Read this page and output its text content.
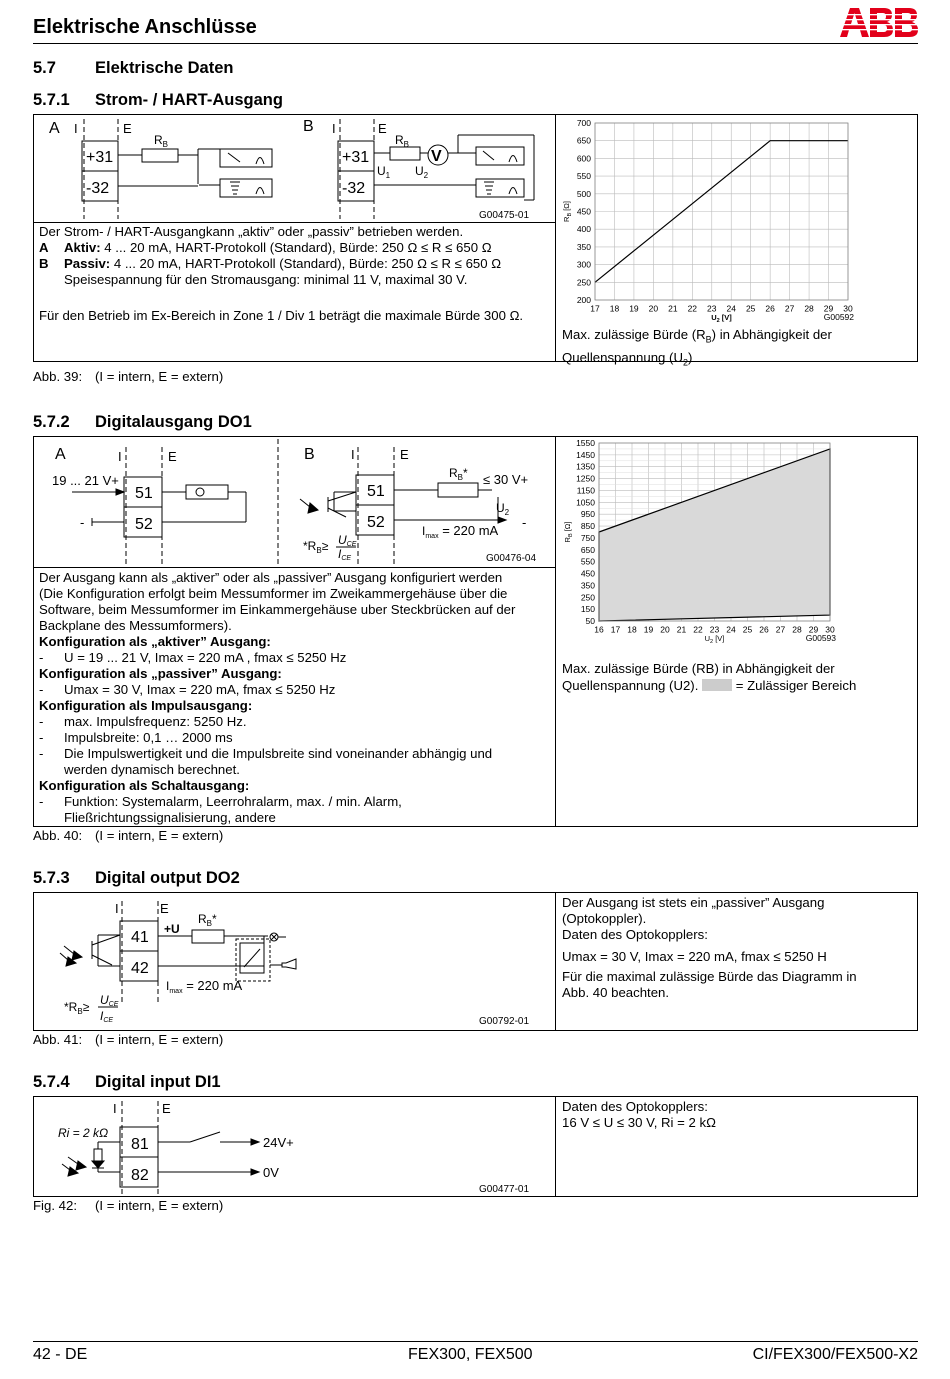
Elektrische Anschlüsse
5.7 Elektrische Daten
5.7.1 Strom- / HART-Ausgang
A	B
I	E	I	E
+31
-32
+31
-32
V
$R_B$	$R_B$
$U_1$ $U_2$
G00475-01
Der Strom- / HART-Ausgangkann „aktiv” oder „passiv” betrieben werden.
A Aktiv: 4 ... 20 mA, HART-Protokoll (Standard), Bürde: 250 Ω ≤ R ≤ 650 Ω
B Passiv: 4 ... 20 mA, HART-Protokoll (Standard), Bürde: 250 Ω ≤ R ≤ 650 Ω
Speisespannung für den Stromausgang: minimal 11 V, maximal 30 V.
Für den Betrieb im Ex-Bereich in Zone 1 / Div 1 beträgt die maximale Bürde 300 Ω.
200
250
300
350
400
450
500
550
600
650
700
17 18 19 20 21 22 23 24 25 26 27 28 29 30
$U_2$ [V]
$R_B$ [Ω]
G00592
Max. zulässige Bürde $(R_B)$ in Abhängigkeit der
Quellenspannung $(U_2)$
Abb. 39: (I = intern, E = extern)
5.7.2 Digitalausgang DO1
A	B
I	E	I	E
19 ... 21 V+
-	-
≤ 30 V+
51
52
51
52
$R_B*$
$U_2$
$I_{max} = 220$ mA
$*R_B\ge$ UCE
ICE	G00476-04
Der Ausgang kann als „aktiver” oder als „passiver” Ausgang konfiguriert werden
(Die Konfiguration erfolgt beim Messumformer im Zweikammergehäuse über die
Software, beim Messumformer im Einkammergehäuse uber Steckbrücken auf der
Backplane des Messumformers).
Konfiguration als „aktiver” Ausgang:
- U = 19 ... 21 V, Imax = 220 mA , fmax ≤ 5250 Hz
Konfiguration als „passiver” Ausgang:
- Umax = 30 V, Imax = 220 mA, fmax ≤ 5250 Hz
Konfiguration als Impulsausgang:
- max. Impulsfrequenz: 5250 Hz.
- Impulsbreite: 0,1 … 2000 ms
- Die Impulswertigkeit und die Impulsbreite sind voneinander abhängig und
werden dynamisch berechnet.
Konfiguration als Schaltausgang:
- Funktion: Systemalarm, Leerrohralarm, max. / min. Alarm,
Fließrichtungssignalisierung, andere
50
150
250
350
450
550
650
750
850
950
1050
1150
1250
1350
1450
1550
16 17 18 19 20 21 22 23 24 25 26 27 28 29 30
$U_2$ [V]
$R_B$ [Ω]
G00593
Max. zulässige Bürde (RB) in Abhängigkeit der
Quellenspannung (U2).	= Zulässiger Bereich
Abb. 40: (I = intern, E = extern)
5.7.3 Digital output DO2
I	E
41
42
+U
$R_B*$
$I_{max} = 220$ mA
$*R_B\ge$ UCE
ICE	G00792-01
Der Ausgang ist stets ein „passiver” Ausgang
(Optokoppler).
Daten des Optokopplers:
Umax = 30 V, Imax = 220 mA, fmax ≤ 5250 H
Für die maximal zulässige Bürde das Diagramm in
Abb. 40 beachten.
Abb. 41: (I = intern, E = extern)
5.7.4 Digital input DI1
I	E
24V+
0V
Ri = 2 kΩ
81
82
G00477-01
Daten des Optokopplers:
16 V ≤ U ≤ 30 V, Ri = 2 kΩ
Fig. 42: (I = intern, E = extern)
42 - DE	FEX300, FEX500	CI/FEX300/FEX500-X2
